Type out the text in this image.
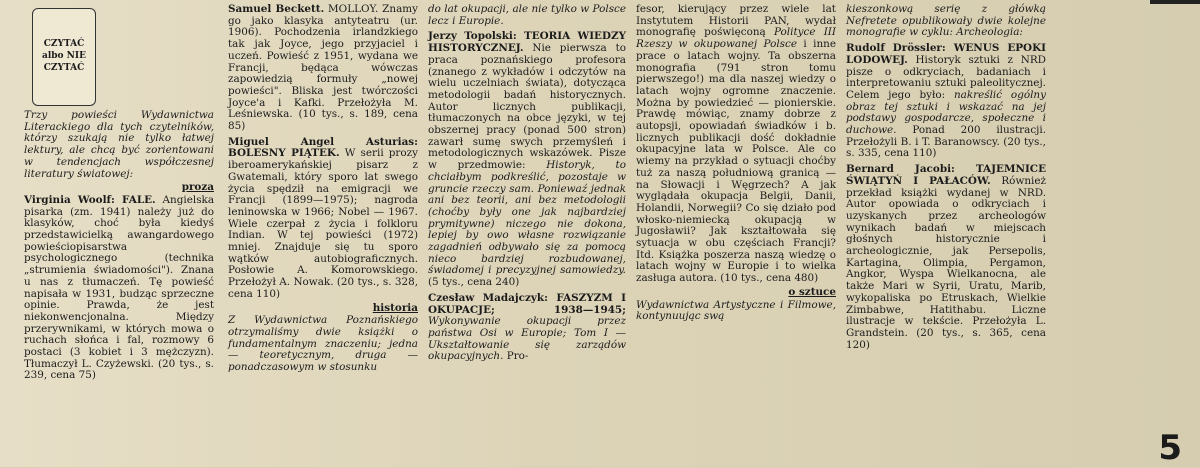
CZYTAĆ albo NIE CZYTAĆ

Trzy powieści Wydawnictwa Literackiego dla tych czytelników, którzy szukają nie tylko łatwej lektury, ale chcą być zorientowani w tendencjach współczesnej literatury światowej:

proza

Virginia Woolf: FALE. Angielska pisarka (zm. 1941) należy już do klasyków, choć była kiedyś przedstawicielką awangardowego powieściopisarstwa psychologicznego (technika „strumienia świadomości"). Znana u nas z tłumaczeń. Tę powieść napisała w 1931, budząc sprzeczne opinie. Prawda, że jest niekonwencjonalna. Między przerywnikami, w których mowa o ruchach słońca i fal, rozmowy 6 postaci (3 kobiet i 3 mężczyzn). Tłumaczył L. Czyżewski. (20 tys., s. 239, cena 75)

Samuel Beckett. MOLLOY. Znamy go jako klasyka antyteatru (ur. 1906). Pochodzenia irlandzkiego tak jak Joyce, jego przyjaciel i uczeń. Powieść z 1951, wydana we Francji, będąca wówczas zapowiedzią formuły „nowej powieści". Bliska jest twórczości Joyce'a i Kafki. Przełożyła M. Leśniewska. (10 tys., s. 189, cena 85)

Miguel Angel Asturias: BOLESNY PIĄTEK. W serii prozy iberoamerykańskiej pisarz z Gwatemali, który sporo lat swego życia spędził na emigracji we Francji (1899—1975); nagroda leninowska w 1966; Nobel — 1967. Wiele czerpał z życia i folkloru Indian. W tej powieści (1972) mniej. Znajduje się tu sporo wątków autobiograficznych. Posłowie A. Komorowskiego. Przełożył A. Nowak. (20 tys., s. 328, cena 110)

historia

Z Wydawnictwa Poznańskiego otrzymaliśmy dwie książki o fundamentalnym znaczeniu; jedna — teoretycznym, druga — ponadczasowym w stosunku

do lat okupacji, ale nie tylko w Polsce lecz i Europie.

Jerzy Topolski: TEORIA WIEDZY HISTORYCZNEJ. Nie pierwsza to praca poznańskiego profesora (znanego z wykładów i odczytów na wielu uczelniach świata), dotycząca metodologii badań historycznych. Autor licznych publikacji, tłumaczonych na obce języki, w tej obszernej pracy (ponad 500 stron) zawarł sumę swych przemyśleń i metodologicznych wskazówek. Pisze w przedmowie: Historyk, to chciałbym podkreślić, pozostaje w gruncie rzeczy sam. Poniewaź jednak ani bez teorii, ani bez metodologii (choćby były one jak najbardziej prymitywne) niczego nie dokona, lepiej by owo własne rozwiązanie zagadnień odbywało się za pomocą nieco bardziej rozbudowanej, świadomej i precyzyjnej samowiedzy. (5 tys., cena 240)

Czesław Madajczyk: FASZYZM I OKUPACJE; 1938—1945; Wykonywanie okupacji przez państwa Osi w Europie; Tom I — Ukształtowanie się zarządów okupacyjnych. Pro-

fesor, kierujący przez wiele lat Instytutem Historii PAN, wydał monografię poświęconą Polityce III Rzeszy w okupowanej Polsce i inne prace o latach wojny. Ta obszerna monografia (791 stron tomu pierwszego!) ma dla naszej wiedzy o latach wojny ogromne znaczenie. Można by powiedzieć — pionierskie. Prawdę mówiąc, znamy dobrze z autopsji, opowiadań świadków i b. licznych publikacji dość dokładnie okupacyjne lata w Polsce. Ale co wiemy na przykład o sytuacji choćby tuż za naszą południową granicą — na Słowacji i Węgrzech? A jak wyglądała okupacja Belgii, Danii, Holandii, Norwegii? Co się działo pod włosko-niemiecką okupacją w Jugosławii? Jak kształtowała się sytuacja w obu częściach Francji? Itd. Książka poszerza naszą wiedzę o latach wojny w Europie i to wielka zasługa autora. (10 tys., cena 480)

o sztuce

Wydawnictwa Artystyczne i Filmowe, kontynuując swą

kieszonkową serię z główką Nefretete opublikowały dwie kolejne monografie w cyklu: Archeologia:

Rudolf Drössler: WENUS EPOKI LODOWEJ. Historyk sztuki z NRD pisze o odkryciach, badaniach i interpretowaniu sztuki paleolitycznej. Celem jego było: nakreślić ogólny obraz tej sztuki i wskazać na jej podstawy gospodarcze, społeczne i duchowe. Ponad 200 ilustracji. Przełożyli B. i T. Baranowscy. (20 tys., s. 335, cena 110)

Bernard Jacobi: TAJEMNICE ŚWIĄTYŃ I PAŁACÓW. Również przekład książki wydanej w NRD. Autor opowiada o odkryciach i uzyskanych przez archeologów wynikach badań w miejscach głośnych historycznie i archeologicznie, jak Persepolis, Kartagina, Olimpia, Pergamon, Angkor, Wyspa Wielkanocna, ale także Mari w Syrii, Uratu, Marib, wykopaliska po Etruskach, Wielkie Zimbabwe, Hatithabu. Liczne ilustracje w tekście. Przełożyła L. Grandstein. (20 tys., s. 365, cena 120)

5
